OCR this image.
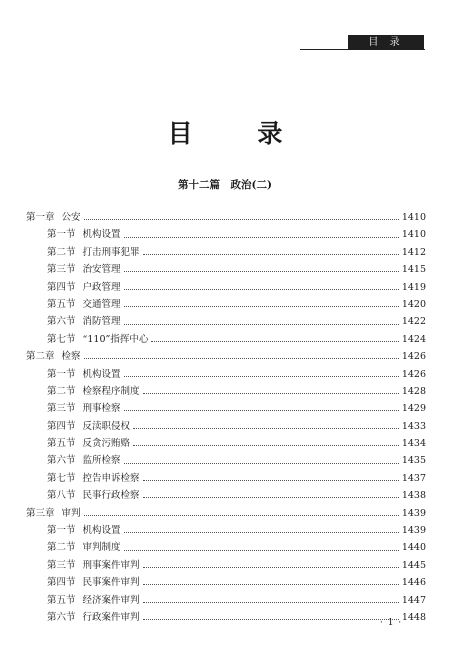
目 录
目 录
第十二篇　政治(二)
第一章 公安	1410
第一节 机构设置	1410
第二节 打击刑事犯罪	1412
第三节 治安管理	1415
第四节 户政管理	1419
第五节 交通管理	1420
第六节 消防管理	1422
第七节 “110”指挥中心	1424
第二章 检察	1426
第一节 机构设置	1426
第二节 检察程序制度	1428
第三节 刑事检察	1429
第四节 反渎职侵权	1433
第五节 反贪污贿赂	1434
第六节 监所检察	1435
第七节 控告申诉检察	1437
第八节 民事行政检察	1438
第三章 审判	1439
第一节 机构设置	1439
第二节 审判制度	1440
第三节 刑事案件审判	1445
第四节 民事案件审判	1446
第五节 经济案件审判	1447
第六节 行政案件审判	1448
· 1 ·
